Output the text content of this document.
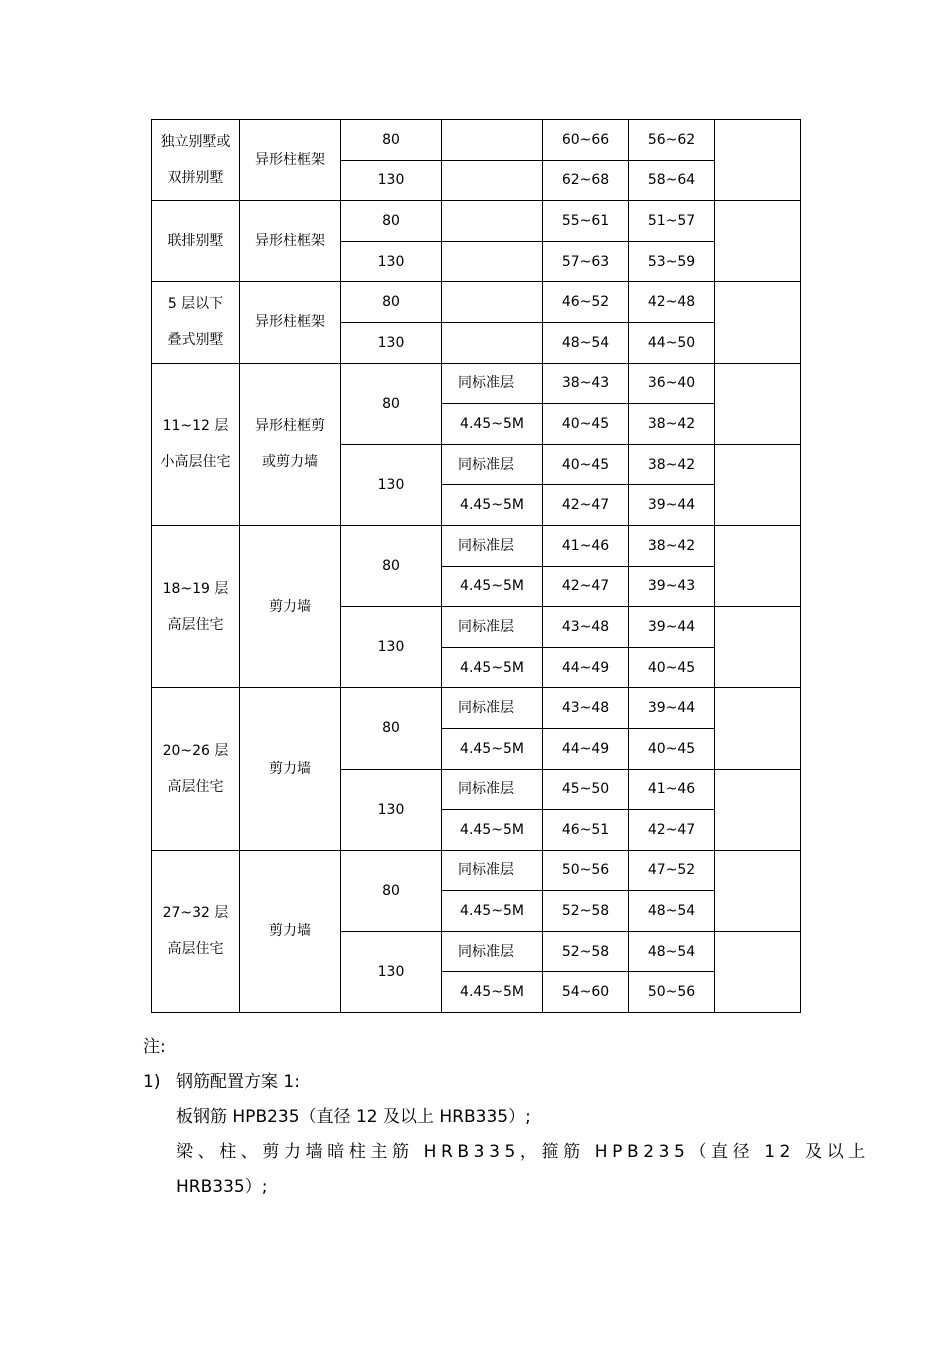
独立别墅或
双拼别墅	异形柱框架	80		60~66	56~62	
		130		62~68	58~64	

联排别墅	异形柱框架	80		55~61	51~57	
		130		57~63	53~59	

5 层以下
叠式别墅	异形柱框架	80		46~52	42~48	
		130		48~54	44~50	

11~12 层
小高层住宅	异形柱框剪
或剪力墙	80	同标准层	38~43	36~40	
			4.45~5M	40~45	38~42	
		130	同标准层	40~45	38~42	
			4.45~5M	42~47	39~44	

18~19 层
高层住宅	剪力墙	80	同标准层	41~46	38~42	
			4.45~5M	42~47	39~43	
		130	同标准层	43~48	39~44	
			4.45~5M	44~49	40~45	

20~26 层
高层住宅	剪力墙	80	同标准层	43~48	39~44	
			4.45~5M	44~49	40~45	
		130	同标准层	45~50	41~46	
			4.45~5M	46~51	42~47	

27~32 层
高层住宅	剪力墙	80	同标准层	50~56	47~52	
			4.45~5M	52~58	48~54	
		130	同标准层	52~58	48~54	
			4.45~5M	54~60	50~56	
注:
1) 钢筋配置方案 1:
板钢筋 HPB235（直径 12 及以上 HRB335）;
梁、柱、剪力墙暗柱主筋 HRB335，箍筋 HPB235（直径 12 及以上
HRB335）;
